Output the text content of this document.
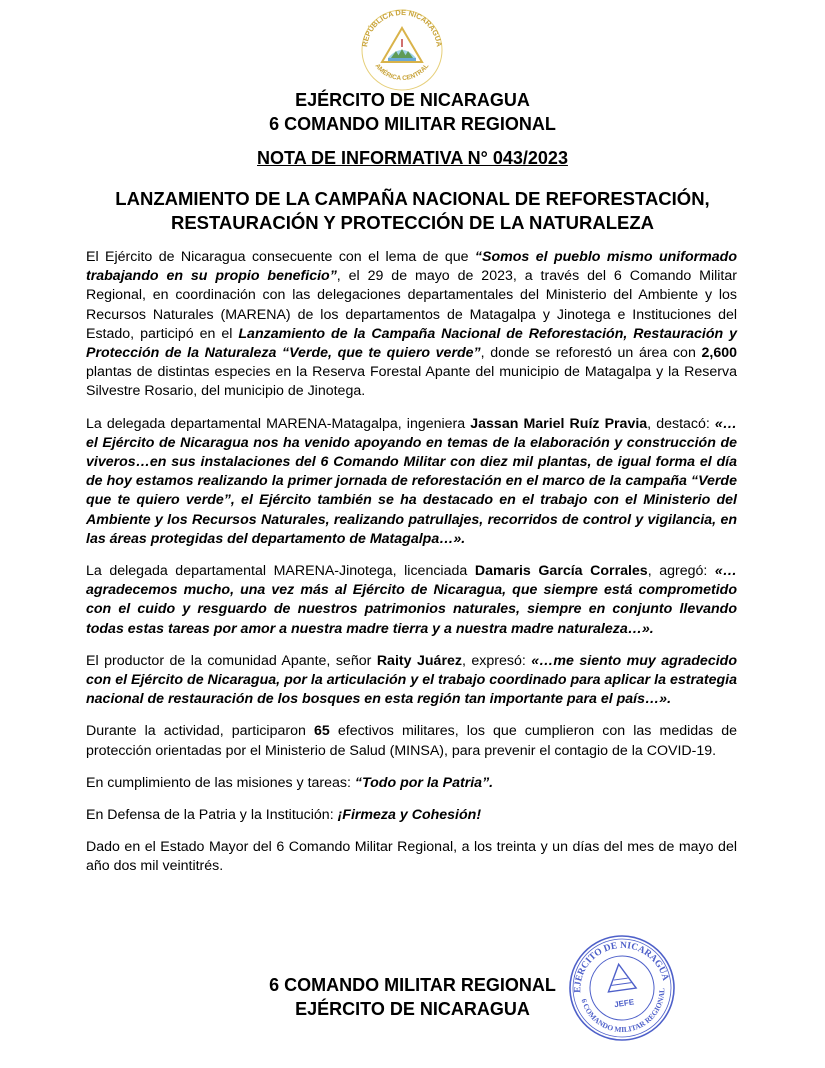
REPÚBLICA DE NICARAGUA
AMÉRICA CENTRAL
EJÉRCITO DE NICARAGUA
6 COMANDO MILITAR REGIONAL
NOTA DE INFORMATIVA N° 043/2023
LANZAMIENTO DE LA CAMPAÑA NACIONAL DE REFORESTACIÓN,
RESTAURACIÓN Y PROTECCIÓN DE LA NATURALEZA

El Ejército de Nicaragua consecuente con el lema de que “Somos el pueblo mismo uniformado trabajando en su propio beneficio”, el 29 de mayo de 2023, a través del 6 Comando Militar Regional, en coordinación con las delegaciones departamentales del Ministerio del Ambiente y los Recursos Naturales (MARENA) de los departamentos de Matagalpa y Jinotega e Instituciones del Estado, participó en el Lanzamiento de la Campaña Nacional de Reforestación, Restauración y Protección de la Naturaleza “Verde, que te quiero verde”, donde se reforestó un área con 2,600 plantas de distintas especies en la Reserva Forestal Apante del municipio de Matagalpa y la Reserva Silvestre Rosario, del municipio de Jinotega.

La delegada departamental MARENA-Matagalpa, ingeniera Jassan Mariel Ruíz Pravia, destacó: «…el Ejército de Nicaragua nos ha venido apoyando en temas de la elaboración y construcción de viveros…en sus instalaciones del 6 Comando Militar con diez mil plantas, de igual forma el día de hoy estamos realizando la primer jornada de reforestación en el marco de la campaña “Verde que te quiero verde”, el Ejército también se ha destacado en el trabajo con el Ministerio del Ambiente y los Recursos Naturales, realizando patrullajes, recorridos de control y vigilancia, en las áreas protegidas del departamento de Matagalpa…».

La delegada departamental MARENA-Jinotega, licenciada Damaris García Corrales, agregó: «…agradecemos mucho, una vez más al Ejército de Nicaragua, que siempre está comprometido con el cuido y resguardo de nuestros patrimonios naturales, siempre en conjunto llevando todas estas tareas por amor a nuestra madre tierra y a nuestra madre naturaleza…».

El productor de la comunidad Apante, señor Raity Juárez, expresó: «…me siento muy agradecido con el Ejército de Nicaragua, por la articulación y el trabajo coordinado para aplicar la estrategia nacional de restauración de los bosques en esta región tan importante para el país…».

Durante la actividad, participaron 65 efectivos militares, los que cumplieron con las medidas de protección orientadas por el Ministerio de Salud (MINSA), para prevenir el contagio de la COVID-19.

En cumplimiento de las misiones y tareas: “Todo por la Patria”.

En Defensa de la Patria y la Institución: ¡Firmeza y Cohesión!

Dado en el Estado Mayor del 6 Comando Militar Regional, a los treinta y un días del mes de mayo del año dos mil veintitrés.

6 COMANDO MILITAR REGIONAL
EJÉRCITO DE NICARAGUA
EJÉRCITO DE NICARAGUA
6 COMANDO MILITAR REGIONAL
JEFE
